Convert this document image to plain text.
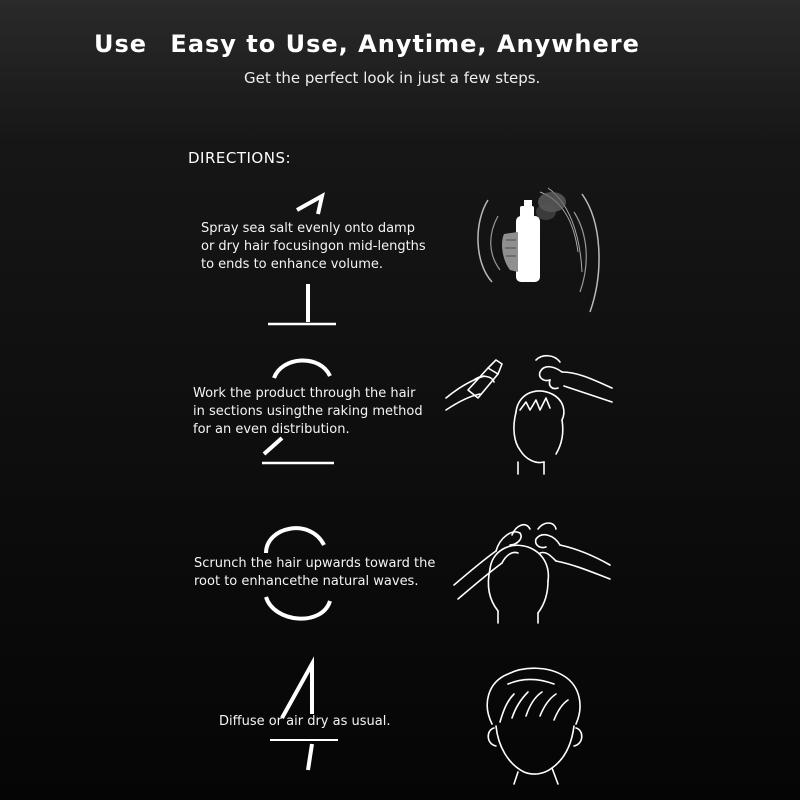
Use Easy to Use, Anytime, Anywhere
Get the perfect look in just a few steps.
DIRECTIONS:
Spray sea salt evenly onto damp
or dry hair focusingon mid-lengths
to ends to enhance volume.
Work the product through the hair
in sections usingthe raking method
for an even distribution.
Scrunch the hair upwards toward the
root to enhancethe natural waves.
Diffuse or air dry as usual.
